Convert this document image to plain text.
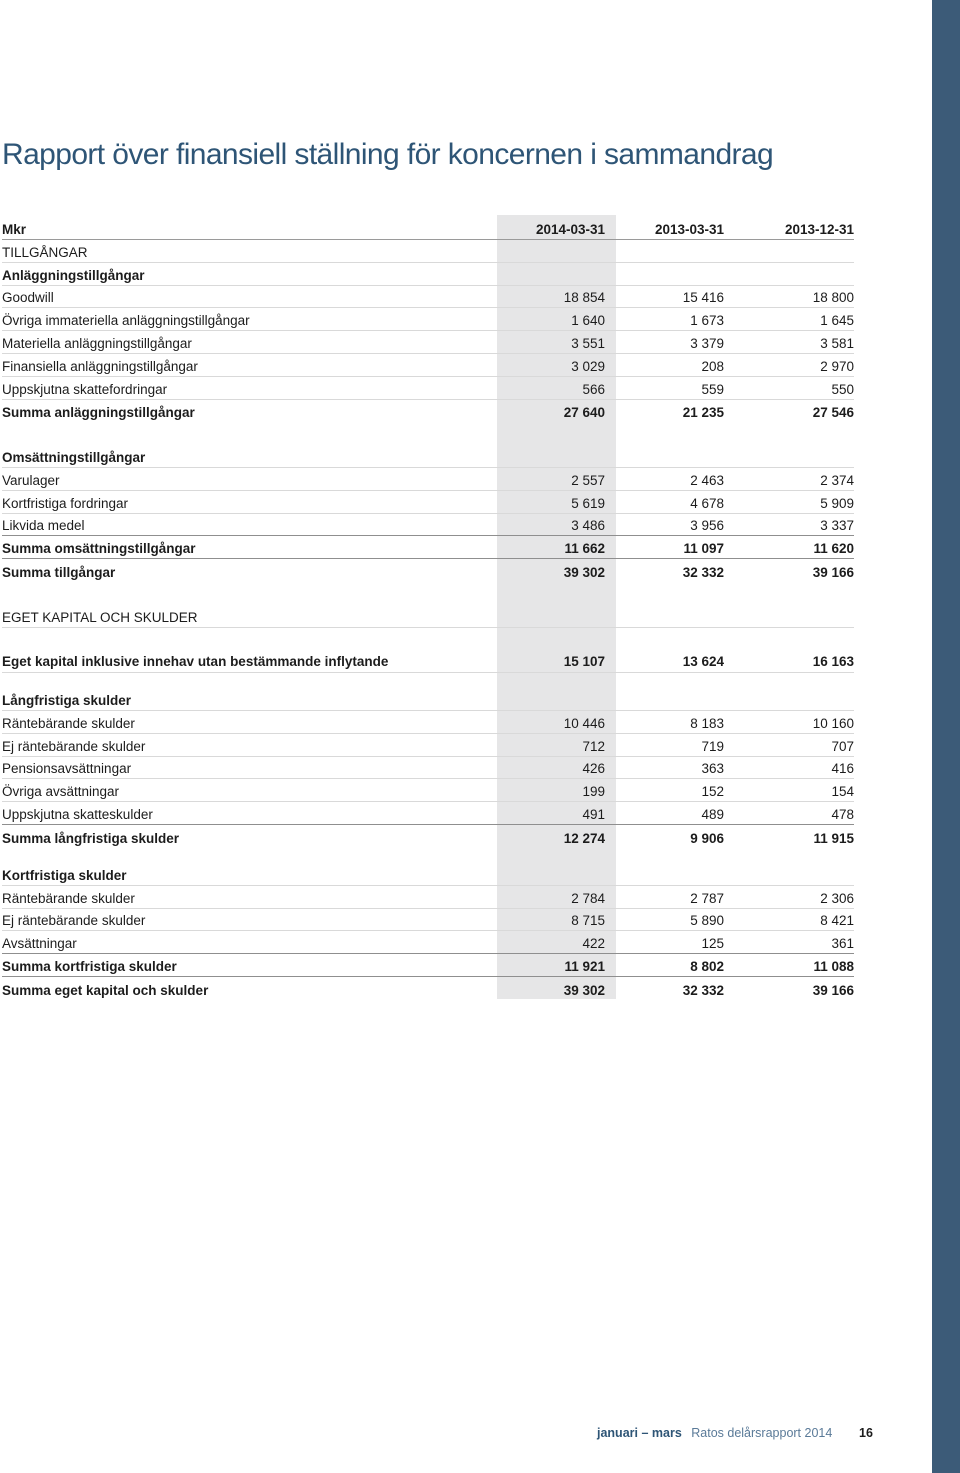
Rapport över finansiell ställning för koncernen i sammandrag
Mkr	2014-03-31	2013-03-31	2013-12-31
TILLGÅNGAR
Anläggningstillgångar
Goodwill	18 854	15 416	18 800
Övriga immateriella anläggningstillgångar	1 640	1 673	1 645
Materiella anläggningstillgångar	3 551	3 379	3 581
Finansiella anläggningstillgångar	3 029	208	2 970
Uppskjutna skattefordringar	566	559	550
Summa anläggningstillgångar	27 640	21 235	27 546
Omsättningstillgångar
Varulager	2 557	2 463	2 374
Kortfristiga fordringar	5 619	4 678	5 909
Likvida medel	3 486	3 956	3 337
Summa omsättningstillgångar	11 662	11 097	11 620
Summa tillgångar	39 302	32 332	39 166
EGET KAPITAL OCH SKULDER
Eget kapital inklusive innehav utan bestämmande inflytande	15 107	13 624	16 163
Långfristiga skulder
Räntebärande skulder	10 446	8 183	10 160
Ej räntebärande skulder	712	719	707
Pensionsavsättningar	426	363	416
Övriga avsättningar	199	152	154
Uppskjutna skatteskulder	491	489	478
Summa långfristiga skulder	12 274	9 906	11 915
Kortfristiga skulder
Räntebärande skulder	2 784	2 787	2 306
Ej räntebärande skulder	8 715	5 890	8 421
Avsättningar	422	125	361
Summa kortfristiga skulder	11 921	8 802	11 088
Summa eget kapital och skulder	39 302	32 332	39 166
januari – mars Ratos delårsrapport 2014 16
